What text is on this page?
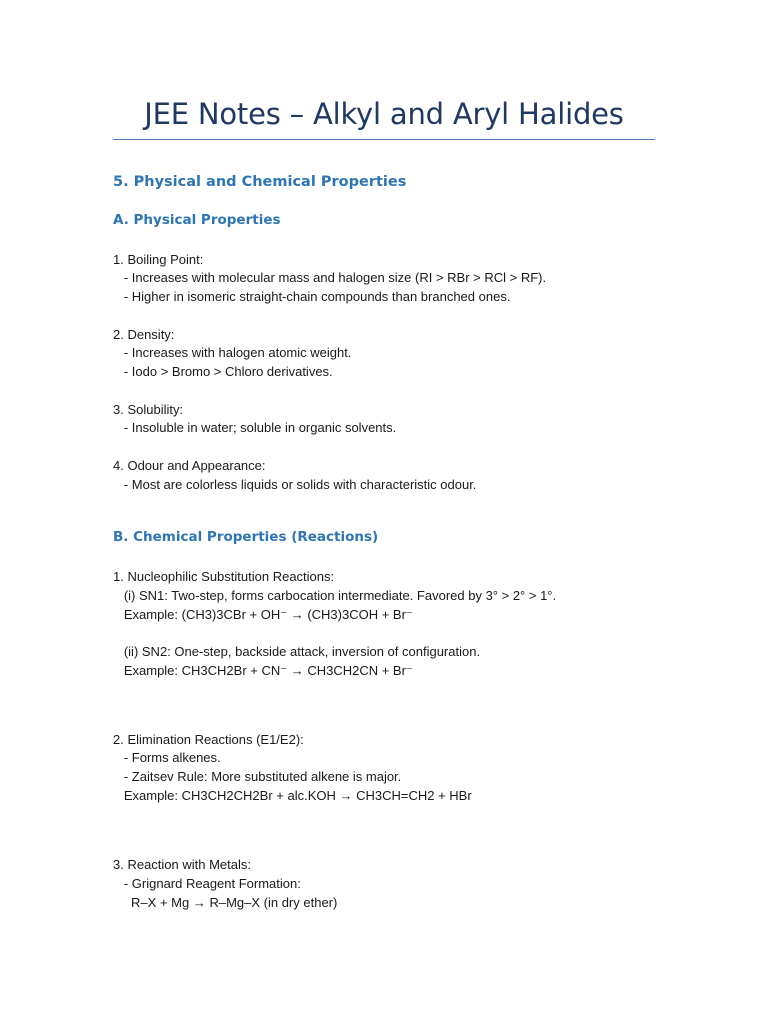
JEE Notes – Alkyl and Aryl Halides
5. Physical and Chemical Properties
A. Physical Properties
1. Boiling Point:
- Increases with molecular mass and halogen size (RI > RBr > RCl > RF).
- Higher in isomeric straight-chain compounds than branched ones.
2. Density:
- Increases with halogen atomic weight.
- Iodo > Bromo > Chloro derivatives.
3. Solubility:
- Insoluble in water; soluble in organic solvents.
4. Odour and Appearance:
- Most are colorless liquids or solids with characteristic odour.
B. Chemical Properties (Reactions)
1. Nucleophilic Substitution Reactions:
(i) SN1: Two-step, forms carbocation intermediate. Favored by 3° > 2° > 1°.
Example: (CH3)3CBr + OH⁻ → (CH3)3COH + Br⁻
(ii) SN2: One-step, backside attack, inversion of configuration.
Example: CH3CH2Br + CN⁻ → CH3CH2CN + Br⁻
2. Elimination Reactions (E1/E2):
- Forms alkenes.
- Zaitsev Rule: More substituted alkene is major.
Example: CH3CH2CH2Br + alc.KOH → CH3CH=CH2 + HBr
3. Reaction with Metals:
- Grignard Reagent Formation:
R–X + Mg → R–Mg–X (in dry ether)
